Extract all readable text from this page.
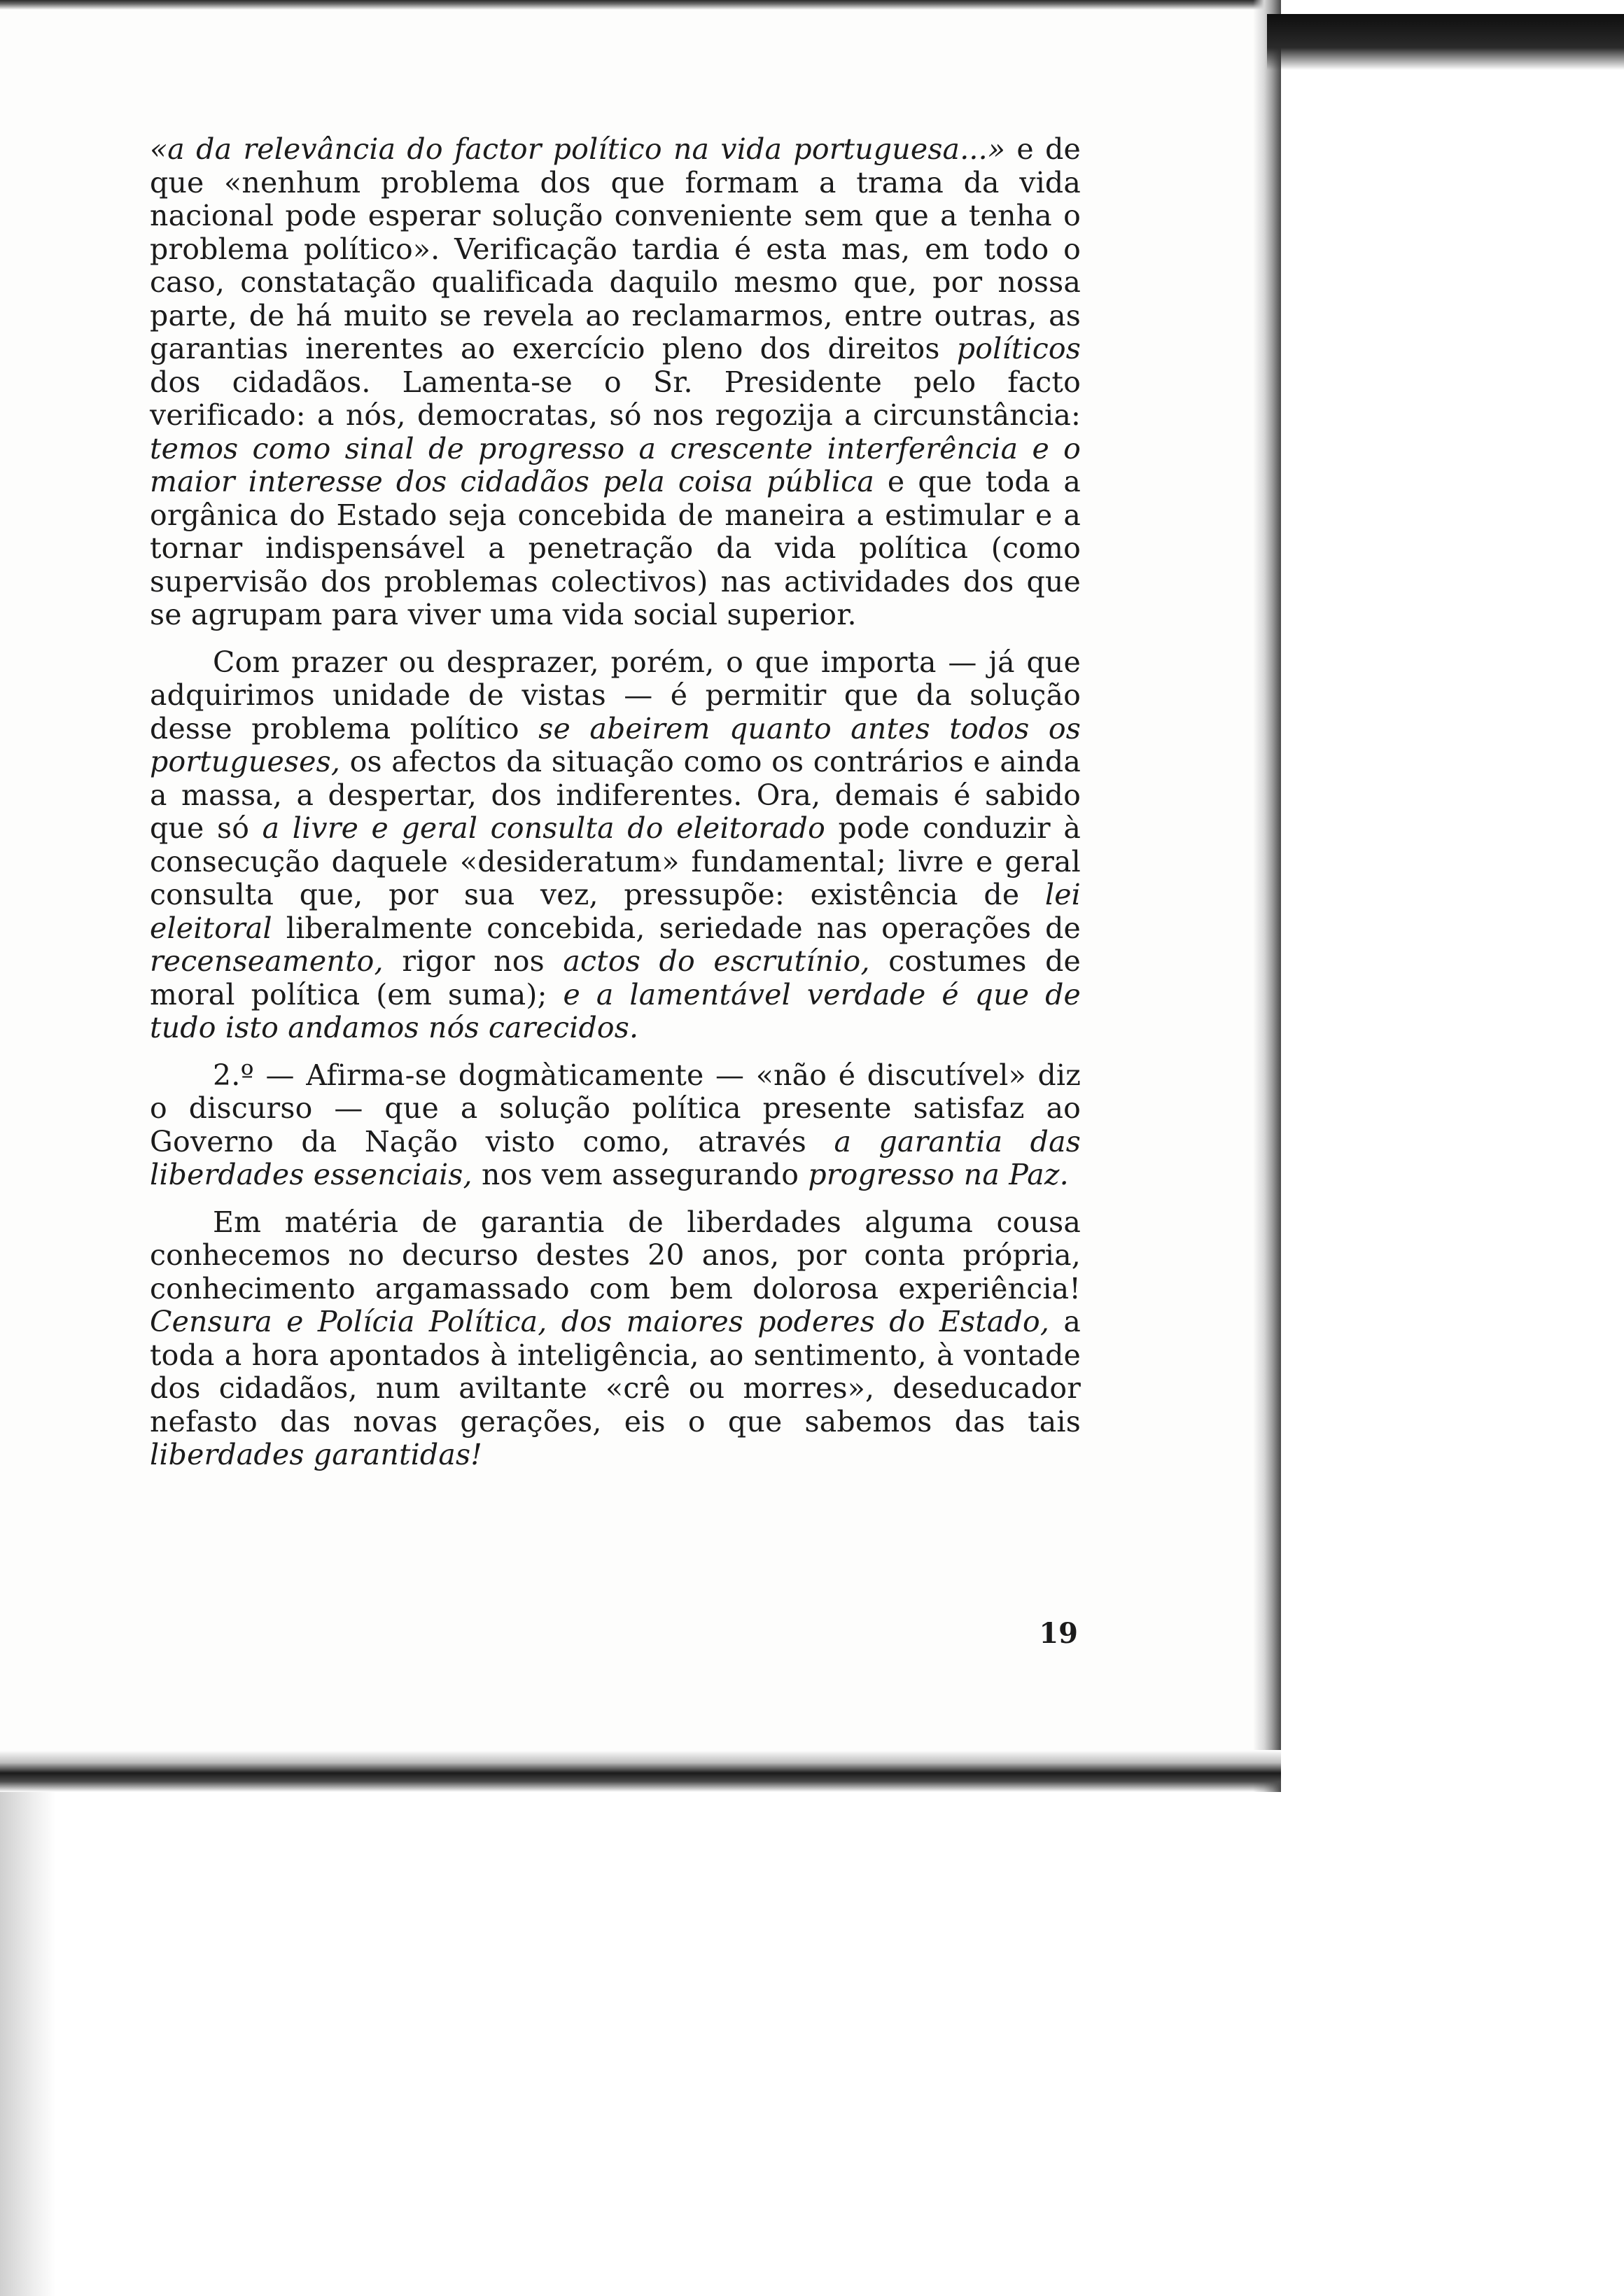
«a da relevância do factor político na vida portuguesa...» e de que «nenhum problema dos que formam a trama da vida nacional pode esperar solução conveniente sem que a tenha o problema político». Verificação tardia é esta mas, em todo o caso, constatação qualificada daquilo mesmo que, por nossa parte, de há muito se revela ao reclamarmos, entre outras, as garantias inerentes ao exercício pleno dos direitos políticos dos cidadãos. Lamenta-se o Sr. Presidente pelo facto verificado: a nós, democratas, só nos regozija a circunstância: temos como sinal de progresso a crescente interferência e o maior interesse dos cidadãos pela coisa pública e que toda a orgânica do Estado seja concebida de maneira a estimular e a tornar indispensável a penetração da vida política (como supervisão dos problemas colectivos) nas actividades dos que se agrupam para viver uma vida social superior.

Com prazer ou desprazer, porém, o que importa — já que adquirimos unidade de vistas — é permitir que da solução desse problema político se abeirem quanto antes todos os portugueses, os afectos da situação como os contrários e ainda a massa, a despertar, dos indiferentes. Ora, demais é sabido que só a livre e geral consulta do eleitorado pode conduzir à consecução daquele «desideratum» fundamental; livre e geral consulta que, por sua vez, pressupõe: existência de lei eleitoral liberalmente concebida, seriedade nas operações de recenseamento, rigor nos actos do escrutínio, costumes de moral política (em suma); e a lamentável verdade é que de tudo isto andamos nós carecidos.

2.º — Afirma-se dogmàticamente — «não é discutível» diz o discurso — que a solução política presente satisfaz ao Governo da Nação visto como, através a garantia das liberdades essenciais, nos vem assegurando progresso na Paz.

Em matéria de garantia de liberdades alguma cousa conhecemos no decurso destes 20 anos, por conta própria, conhecimento argamassado com bem dolorosa experiência! Censura e Polícia Política, dos maiores poderes do Estado, a toda a hora apontados à inteligência, ao sentimento, à vontade dos cidadãos, num aviltante «crê ou morres», deseducador nefasto das novas gerações, eis o que sabemos das tais liberdades garantidas!

19
